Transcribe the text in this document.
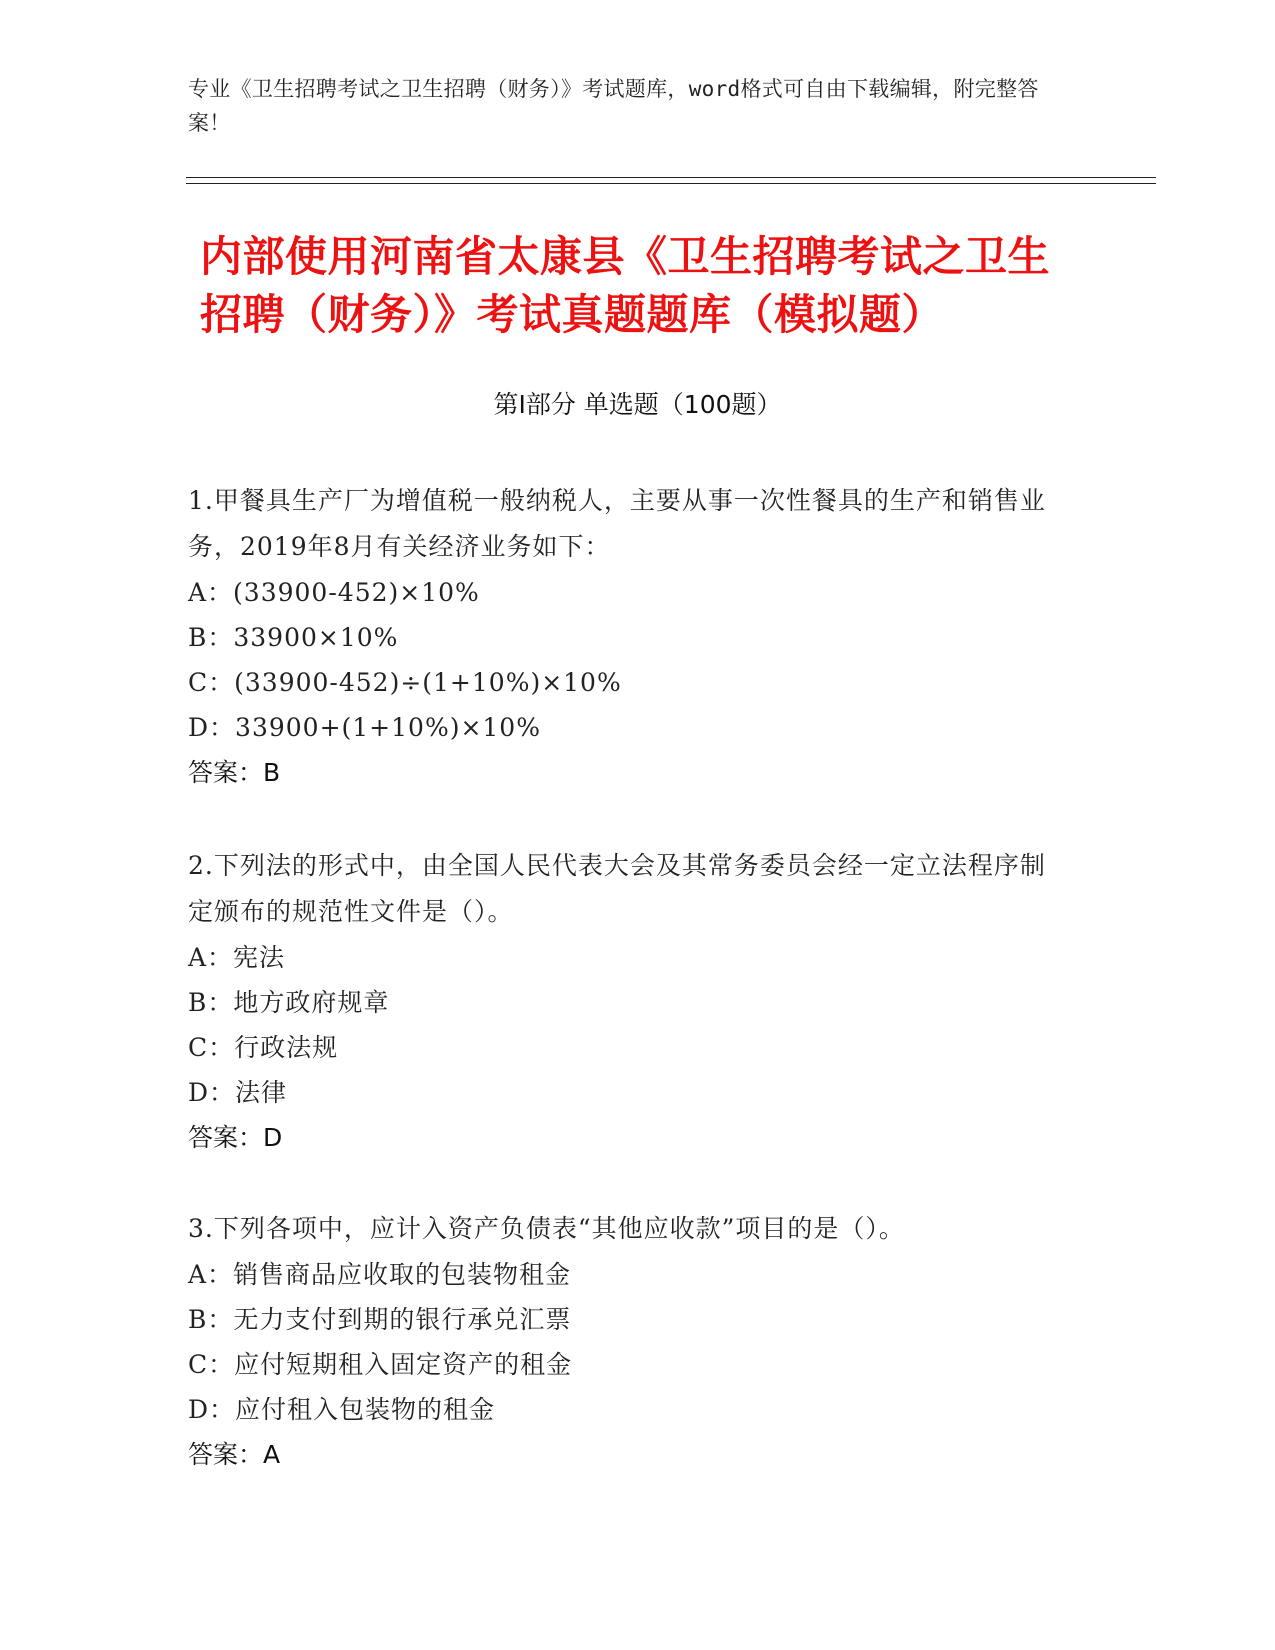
专业《卫生招聘考试之卫生招聘（财务）》考试题库，word格式可自由下载编辑，附完整答案！
内部使用河南省太康县《卫生招聘考试之卫生招聘（财务）》考试真题题库（模拟题）
第Ⅰ部分 单选题（100题）

1.甲餐具生产厂为增值税一般纳税人，主要从事一次性餐具的生产和销售业务，2019年8月有关经济业务如下：

A：(33900-452)×10%

B：33900×10%

C：(33900-452)÷(1+10%)×10%

D：33900+(1+10%)×10%

答案：B

2.下列法的形式中，由全国人民代表大会及其常务委员会经一定立法程序制定颁布的规范性文件是（）。

A：宪法

B：地方政府规章

C：行政法规

D：法律

答案：D

3.下列各项中，应计入资产负债表“其他应收款”项目的是（）。

A：销售商品应收取的包装物租金

B：无力支付到期的银行承兑汇票

C：应付短期租入固定资产的租金

D：应付租入包装物的租金

答案：A
